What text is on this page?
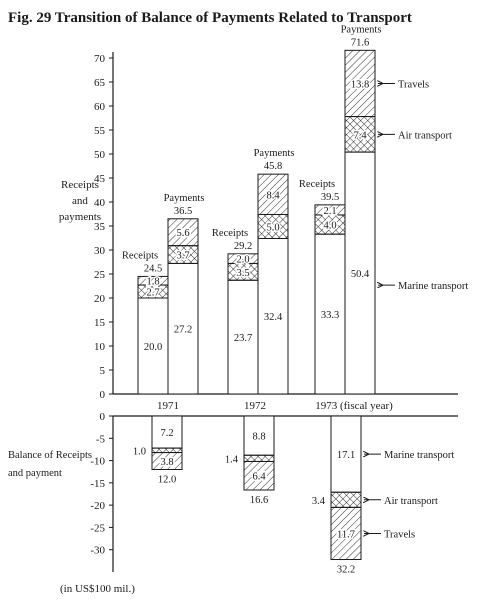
Fig. 29 Transition of Balance of Payments Related to Transport
0
5
10
15
20
25
30
35
40
45
50
55
60
65
70
Receipts
and
payments
20.0
2.7
1.8
24.5
Receipts
27.2
3.7
5.6
36.5
Payments
23.7
3.5
2.0
29.2
Receipts
32.4
5.0
8.4
45.8
Payments
33.3
4.0
2.1
39.5
Receipts
50.4
7.4
13.8
71.6
Payments
1971	1972	1973 (fiscal year)
Travels
Air transport
Marine transport
0
-5
-10
-15
-20
-25
-30
Balance of Receipts
and payment
7.2
1.0
3.8
12.0
8.8
1.4
6.4
16.6
17.1
3.4
11.7
32.2
Marine transport
Air transport
Travels
(in US$100 mil.)
